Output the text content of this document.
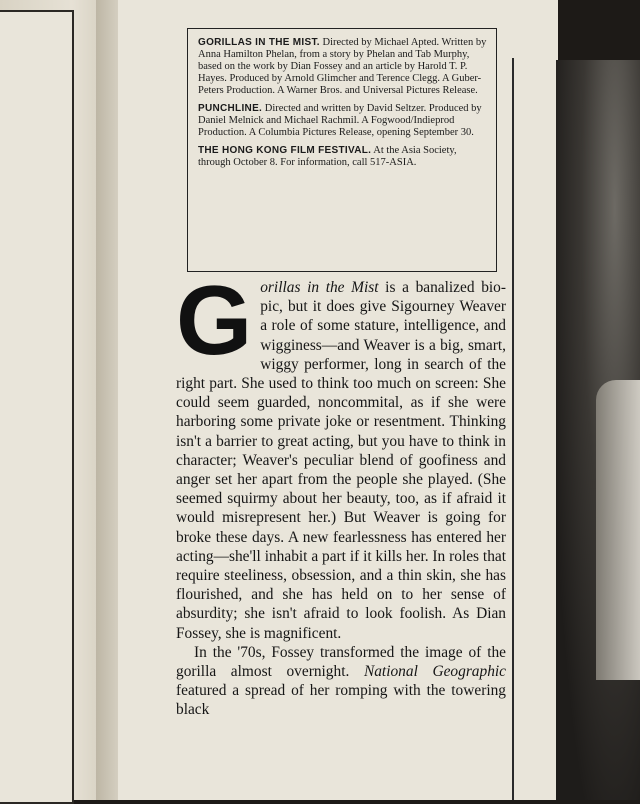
GORILLAS IN THE MIST. Directed by Michael Apted. Written by Anna Hamilton Phelan, from a story by Phelan and Tab Murphy, based on the work by Dian Fossey and an article by Harold T. P. Hayes. Produced by Arnold Glimcher and Terence Clegg. A Guber-Peters Production. A Warner Bros. and Universal Pictures Release.

PUNCHLINE. Directed and written by David Seltzer. Produced by Daniel Melnick and Michael Rachmil. A Fogwood/Indieprod Production. A Columbia Pictures Release, opening September 30.

THE HONG KONG FILM FESTIVAL. At the Asia Society, through October 8. For information, call 517-ASIA.

Gorillas in the Mist is a banalized bio-pic, but it does give Sigourney Weaver a role of some stature, intelligence, and wigginess—and Weaver is a big, smart, wiggy performer, long in search of the right part. She used to think too much on screen: She could seem guarded, noncommital, as if she were harboring some private joke or resentment. Thinking isn't a barrier to great acting, but you have to think in character; Weaver's peculiar blend of goofiness and anger set her apart from the people she played. (She seemed squirmy about her beauty, too, as if afraid it would misrepresent her.) But Weaver is going for broke these days. A new fearlessness has entered her acting—she'll inhabit a part if it kills her. In roles that require steeliness, obsession, and a thin skin, she has flourished, and she has held on to her sense of absurdity; she isn't afraid to look foolish. As Dian Fossey, she is magnificent.

In the '70s, Fossey transformed the image of the gorilla almost overnight. National Geographic featured a spread of her romping with the towering black
